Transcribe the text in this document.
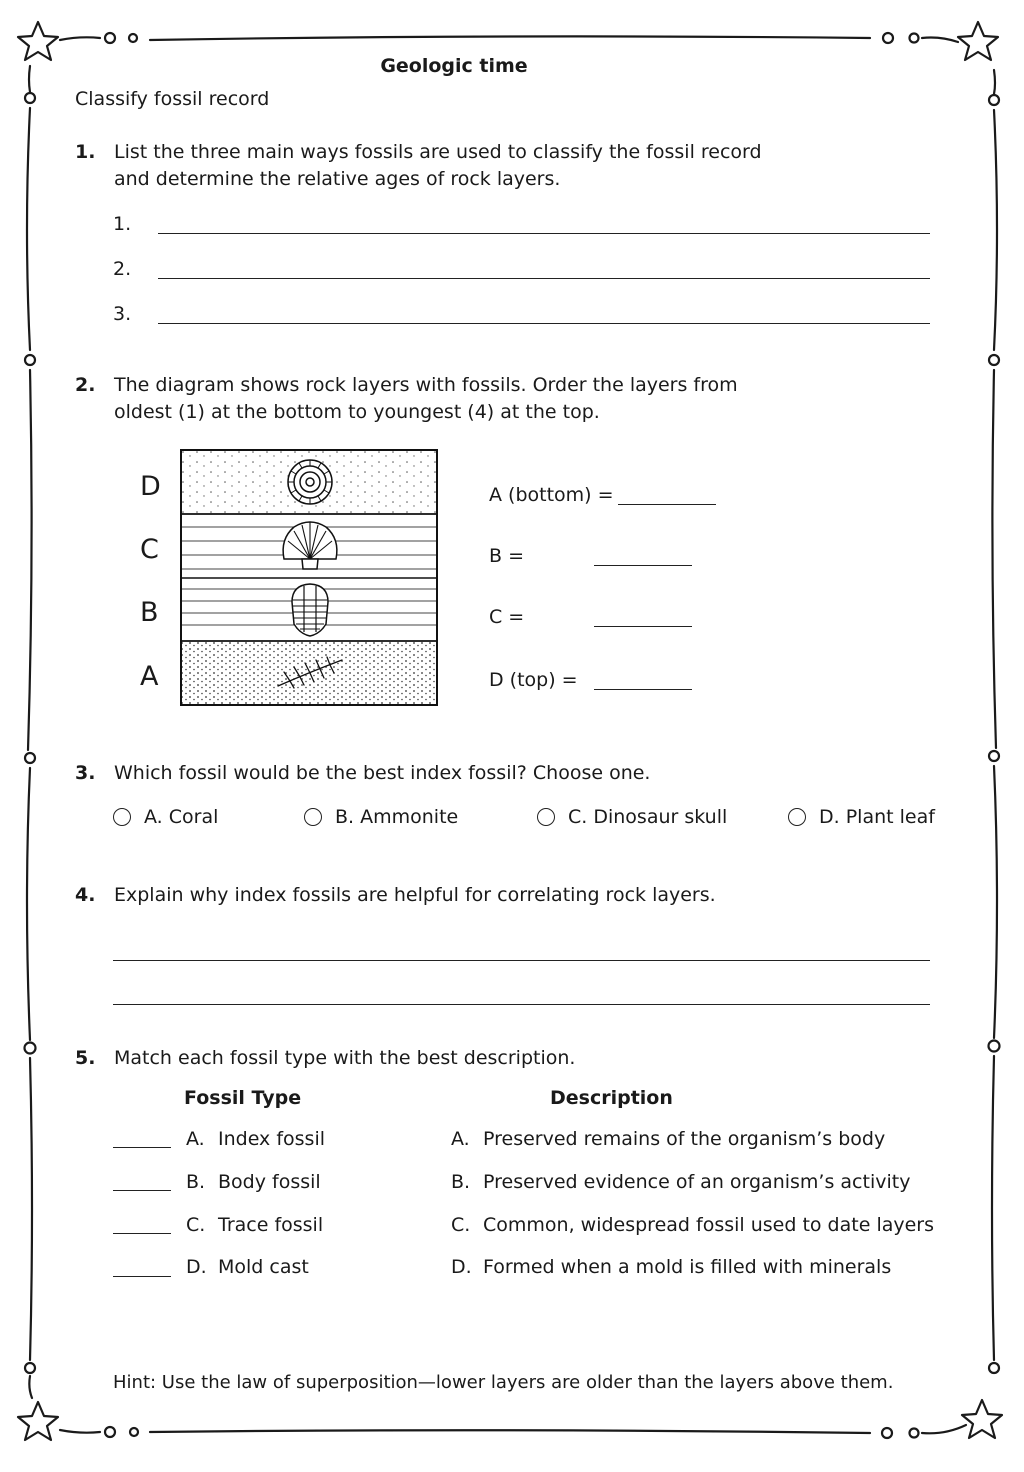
Geologic time
Classify fossil record
1. List the three main ways fossils are used to classify the fossil record
and determine the relative ages of rock layers.
1.
2.
3.
2. The diagram shows rock layers with fossils. Order the layers from
oldest (1) at the bottom to youngest (4) at the top.
D
C
B
A
A (bottom) =
B =
C =
D (top) =
3. Which fossil would be the best index fossil? Choose one.
A. Coral	B. Ammonite	C. Dinosaur skull	D. Plant leaf
4. Explain why index fossils are helpful for correlating rock layers.
5. Match each fossil type with the best description.
Fossil Type	Description
A. Index fossil	A. Preserved remains of the organism’s body
B. Body fossil	B. Preserved evidence of an organism’s activity
C. Trace fossil	C. Common, widespread fossil used to date layers
D. Mold cast	D. Formed when a mold is filled with minerals
Hint: Use the law of superposition—lower layers are older than the layers above them.
